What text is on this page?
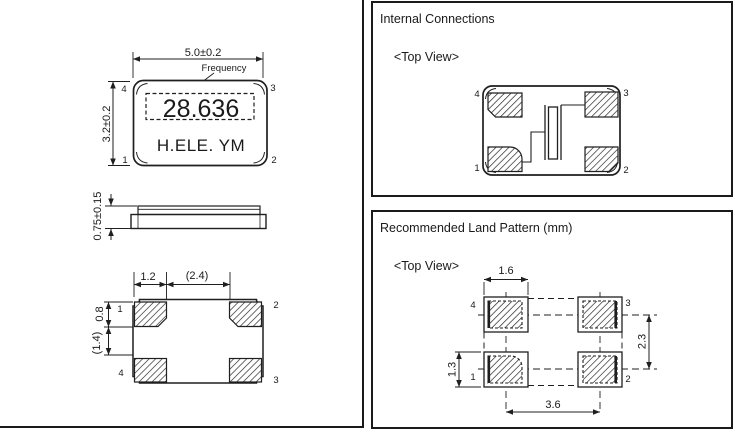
5.0±0.2
Frequency
3.2±0.2 28.636
H.ELE. YM
4	3
1	2
0.75±0.15
1.2	(2.4)
0.8
(1.4)
1	2
4
3
Internal Connections

<Top View>

4	3
1	2
Recommended Land Pattern (mm)

<Top View>
	1.6
1.3
2.3
3.6
4	3
1	2
